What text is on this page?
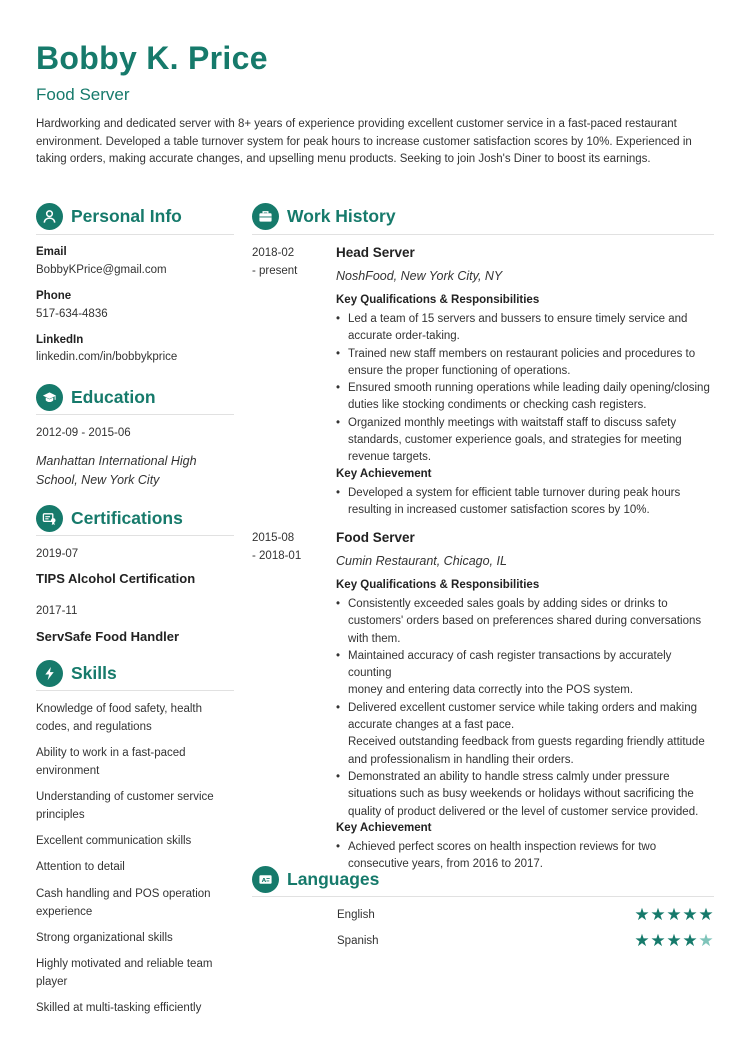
Bobby K. Price
Food Server
Hardworking and dedicated server with 8+ years of experience providing excellent customer service in a fast-paced restaurant environment. Developed a table turnover system for peak hours to increase customer satisfaction scores by 10%. Experienced in taking orders, making accurate changes, and upselling menu products. Seeking to join Josh's Diner to boost its earnings.
Personal Info
Email
BobbyKPrice@gmail.com
Phone
517-634-4836
LinkedIn
linkedin.com/in/bobbykprice
Education
2012-09 - 2015-06
Manhattan International High
School, New York City
Certifications
2019-07
TIPS Alcohol Certification
2017-11
ServSafe Food Handler
Skills
Knowledge of food safety, health
codes, and regulations
Ability to work in a fast-paced
environment
Understanding of customer service
principles
Excellent communication skills
Attention to detail
Cash handling and POS operation
experience
Strong organizational skills
Highly motivated and reliable team
player
Skilled at multi-tasking efficiently
Work History
2018-02
- present
Head Server
NoshFood, New York City, NY
Key Qualifications & Responsibilities
• Led a team of 15 servers and bussers to ensure timely service and
accurate order-taking.
• Trained new staff members on restaurant policies and procedures to
ensure the proper functioning of operations.
• Ensured smooth running operations while leading daily opening/closing
duties like stocking condiments or checking cash registers.
• Organized monthly meetings with waitstaff staff to discuss safety
standards, customer experience goals, and strategies for meeting
revenue targets.
Key Achievement
• Developed a system for efficient table turnover during peak hours
resulting in increased customer satisfaction scores by 10%.
2015-08
- 2018-01
Food Server
Cumin Restaurant, Chicago, IL
Key Qualifications & Responsibilities
• Consistently exceeded sales goals by adding sides or drinks to
customers' orders based on preferences shared during conversations
with them.
• Maintained accuracy of cash register transactions by accurately counting
money and entering data correctly into the POS system.
• Delivered excellent customer service while taking orders and making
accurate changes at a fast pace.
Received outstanding feedback from guests regarding friendly attitude
and professionalism in handling their orders.
• Demonstrated an ability to handle stress calmly under pressure
situations such as busy weekends or holidays without sacrificing the
quality of product delivered or the level of customer service provided.
Key Achievement
• Achieved perfect scores on health inspection reviews for two
consecutive years, from 2016 to 2017.
A Languages
English	★ ★ ★ ★ ★
Spanish	★ ★ ★ ★ ★
